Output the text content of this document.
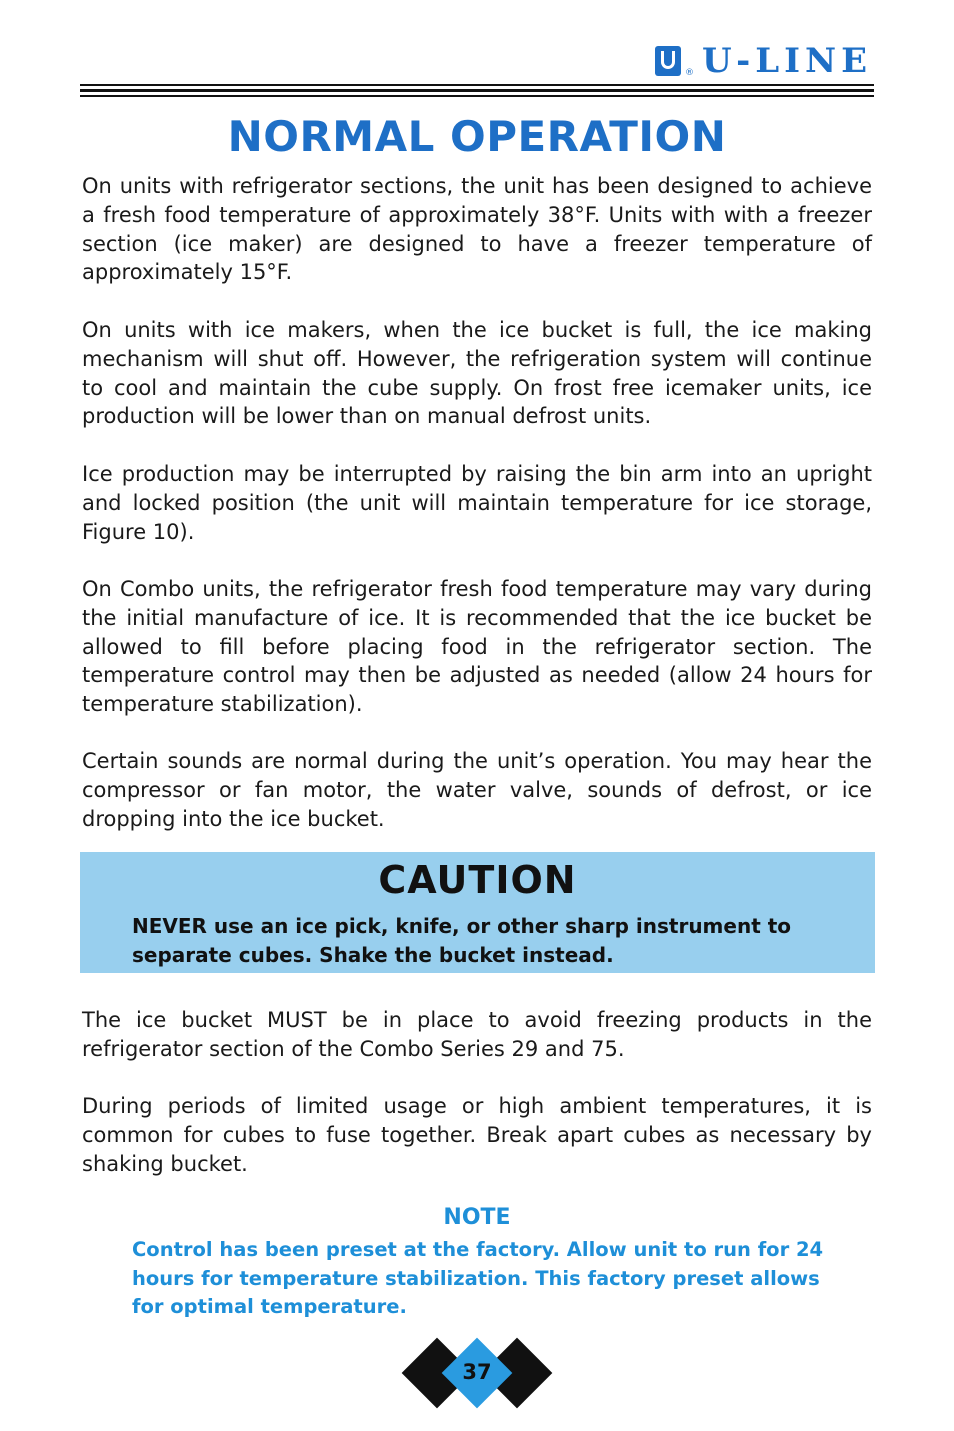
® U-LINE
NORMAL OPERATION

On units with refrigerator sections, the unit has been designed to achieve a fresh food temperature of approximately 38°F. Units with with a freezer section (ice maker) are designed to have a freezer temperature of approximately 15°F.

On units with ice makers, when the ice bucket is full, the ice making mechanism will shut off. However, the refrigeration system will continue to cool and maintain the cube supply. On frost free icemaker units, ice production will be lower than on manual defrost units.

Ice production may be interrupted by raising the bin arm into an upright and locked position (the unit will maintain temperature for ice storage, Figure 10).

On Combo units, the refrigerator fresh food temperature may vary during the initial manufacture of ice. It is recommended that the ice bucket be allowed to fill before placing food in the refrigerator section. The temperature control may then be adjusted as needed (allow 24 hours for temperature stabilization).

Certain sounds are normal during the unit’s operation. You may hear the compressor or fan motor, the water valve, sounds of defrost, or ice dropping into the ice bucket.

CAUTION

NEVER use an ice pick, knife, or other sharp instrument to separate cubes. Shake the bucket instead.

The ice bucket MUST be in place to avoid freezing products in the refrigerator section of the Combo Series 29 and 75.

During periods of limited usage or high ambient temperatures, it is common for cubes to fuse together. Break apart cubes as necessary by shaking bucket.

NOTE

Control has been preset at the factory. Allow unit to run for 24 hours for temperature stabilization. This factory preset allows for optimal temperature.

37
